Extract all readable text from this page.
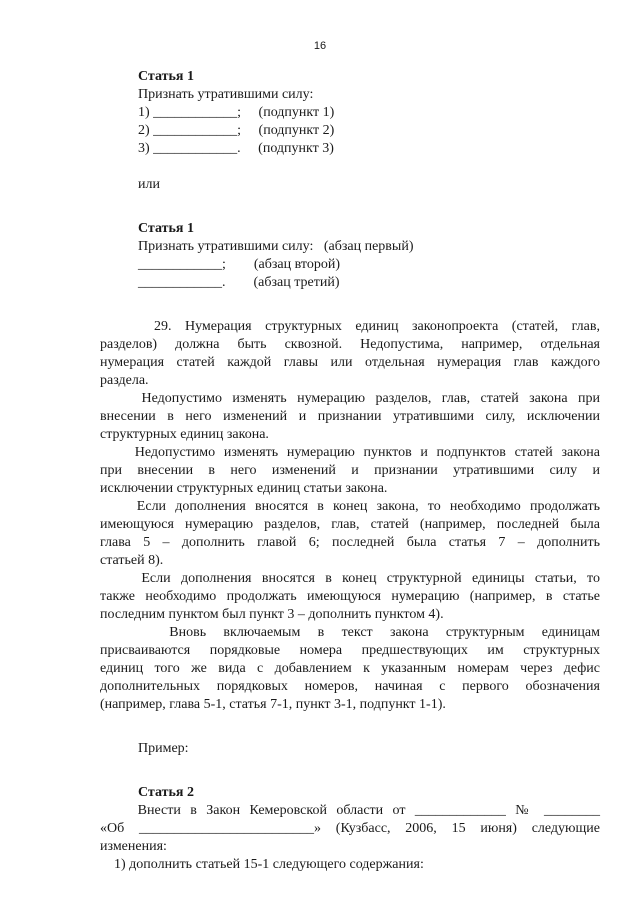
16
Статья 1
Признать утратившими силу:
1) ____________;     (подпункт 1)
2) ____________;     (подпункт 2)
3) ____________.     (подпункт 3)
или
Статья 1
Признать утратившими силу:   (абзац первый)
____________;        (абзац второй)
____________.        (абзац третий)
29. Нумерация структурных единиц законопроекта (статей, глав,
разделов) должна быть сквозной. Недопустима, например, отдельная
нумерация статей каждой главы или отдельная нумерация глав каждого
раздела.
Недопустимо изменять нумерацию разделов, глав, статей закона при
внесении в него изменений и признании утратившими силу, исключении
структурных единиц закона.
Недопустимо изменять нумерацию пунктов и подпунктов статей закона
при внесении в него изменений и признании утратившими силу и
исключении структурных единиц статьи закона.
Если дополнения вносятся в конец закона, то необходимо продолжать
имеющуюся нумерацию разделов, глав, статей (например, последней была
глава 5 – дополнить главой 6; последней была статья 7 – дополнить
статьей 8).
Если дополнения вносятся в конец структурной единицы статьи, то
также необходимо продолжать имеющуюся нумерацию (например, в статье
последним пунктом был пункт 3 – дополнить пунктом 4).
Вновь включаемым в текст закона структурным единицам
присваиваются порядковые номера предшествующих им структурных
единиц того же вида с добавлением к указанным номерам через дефис
дополнительных порядковых номеров, начиная с первого обозначения
(например, глава 5-1, статья 7-1, пункт 3-1, подпункт 1-1).
Пример:
Статья 2
Внести в Закон Кемеровской области от _____________ № ________
«Об _________________________» (Кузбасс, 2006, 15 июня) следующие
изменения:
1) дополнить статьей 15-1 следующего содержания:
